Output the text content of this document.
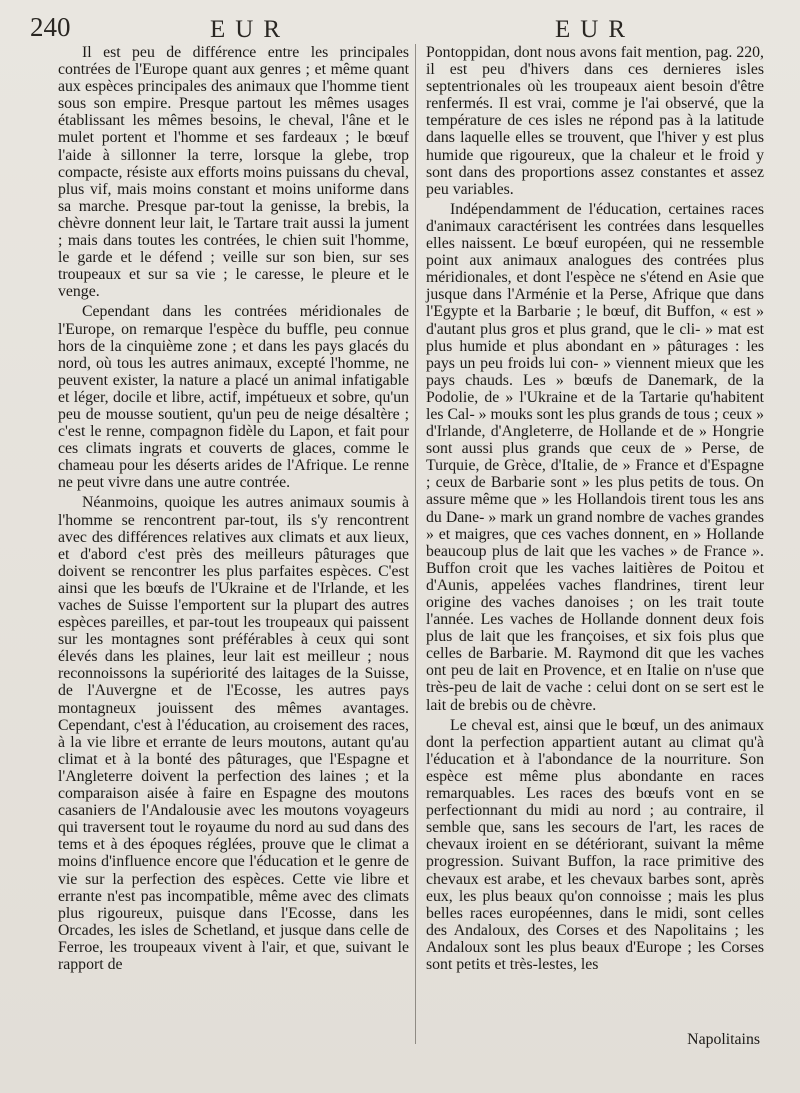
240	EUR	EUR

Il est peu de différence entre les principales contrées de l'Europe quant aux genres ; et même quant aux espèces principales des animaux que l'homme tient sous son empire. Presque partout les mêmes usages établissant les mêmes besoins, le cheval, l'âne et le mulet portent et l'homme et ses fardeaux ; le bœuf l'aide à sillonner la terre, lorsque la glebe, trop compacte, résiste aux efforts moins puissans du cheval, plus vif, mais moins constant et moins uniforme dans sa marche. Presque par-tout la genisse, la brebis, la chèvre donnent leur lait, le Tartare trait aussi la jument ; mais dans toutes les contrées, le chien suit l'homme, le garde et le défend ; veille sur son bien, sur ses troupeaux et sur sa vie ; le caresse, le pleure et le venge.

Cependant dans les contrées méridionales de l'Europe, on remarque l'espèce du buffle, peu connue hors de la cinquième zone ; et dans les pays glacés du nord, où tous les autres animaux, excepté l'homme, ne peuvent exister, la nature a placé un animal infatigable et léger, docile et libre, actif, impétueux et sobre, qu'un peu de mousse soutient, qu'un peu de neige désaltère ; c'est le renne, compagnon fidèle du Lapon, et fait pour ces climats ingrats et couverts de glaces, comme le chameau pour les déserts arides de l'Afrique. Le renne ne peut vivre dans une autre contrée.

Néanmoins, quoique les autres animaux soumis à l'homme se rencontrent par-tout, ils s'y rencontrent avec des différences relatives aux climats et aux lieux, et d'abord c'est près des meilleurs pâturages que doivent se rencontrer les plus parfaites espèces. C'est ainsi que les bœufs de l'Ukraine et de l'Irlande, et les vaches de Suisse l'emportent sur la plupart des autres espèces pareilles, et par-tout les troupeaux qui paissent sur les montagnes sont préférables à ceux qui sont élevés dans les plaines, leur lait est meilleur ; nous reconnoissons la supériorité des laitages de la Suisse, de l'Auvergne et de l'Ecosse, les autres pays montagneux jouissent des mêmes avantages. Cependant, c'est à l'éducation, au croisement des races, à la vie libre et errante de leurs moutons, autant qu'au climat et à la bonté des pâturages, que l'Espagne et l'Angleterre doivent la perfection des laines ; et la comparaison aisée à faire en Espagne des moutons casaniers de l'Andalousie avec les moutons voyageurs qui traversent tout le royaume du nord au sud dans des tems et à des époques réglées, prouve que le climat a moins d'influence encore que l'éducation et le genre de vie sur la perfection des espèces. Cette vie libre et errante n'est pas incompatible, même avec des climats plus rigoureux, puisque dans l'Ecosse, dans les Orcades, les isles de Schetland, et jusque dans celle de Ferroe, les troupeaux vivent à l'air, et que, suivant le rapport de

Pontoppidan, dont nous avons fait mention, pag. 220, il est peu d'hivers dans ces dernieres isles septentrionales où les troupeaux aient besoin d'être renfermés. Il est vrai, comme je l'ai observé, que la température de ces isles ne répond pas à la latitude dans laquelle elles se trouvent, que l'hiver y est plus humide que rigoureux, que la chaleur et le froid y sont dans des proportions assez constantes et assez peu variables.

Indépendamment de l'éducation, certaines races d'animaux caractérisent les contrées dans lesquelles elles naissent. Le bœuf européen, qui ne ressemble point aux animaux analogues des contrées plus méridionales, et dont l'espèce ne s'étend en Asie que jusque dans l'Arménie et la Perse, Afrique que dans l'Egypte et la Barbarie ; le bœuf, dit Buffon, « est » d'autant plus gros et plus grand, que le cli- » mat est plus humide et plus abondant en » pâturages : les pays un peu froids lui con- » viennent mieux que les pays chauds. Les » bœufs de Danemark, de la Podolie, de » l'Ukraine et de la Tartarie qu'habitent les Cal- » mouks sont les plus grands de tous ; ceux » d'Irlande, d'Angleterre, de Hollande et de » Hongrie sont aussi plus grands que ceux de » Perse, de Turquie, de Grèce, d'Italie, de » France et d'Espagne ; ceux de Barbarie sont » les plus petits de tous. On assure même que » les Hollandois tirent tous les ans du Dane- » mark un grand nombre de vaches grandes » et maigres, que ces vaches donnent, en » Hollande beaucoup plus de lait que les vaches » de France ». Buffon croit que les vaches laitières de Poitou et d'Aunis, appelées vaches flandrines, tirent leur origine des vaches danoises ; on les trait toute l'année. Les vaches de Hollande donnent deux fois plus de lait que les françoises, et six fois plus que celles de Barbarie. M. Raymond dit que les vaches ont peu de lait en Provence, et en Italie on n'use que très-peu de lait de vache : celui dont on se sert est le lait de brebis ou de chèvre.

Le cheval est, ainsi que le bœuf, un des animaux dont la perfection appartient autant au climat qu'à l'éducation et à l'abondance de la nourriture. Son espèce est même plus abondante en races remarquables. Les races des bœufs vont en se perfectionnant du midi au nord ; au contraire, il semble que, sans les secours de l'art, les races de chevaux iroient en se détériorant, suivant la même progression. Suivant Buffon, la race primitive des chevaux est arabe, et les chevaux barbes sont, après eux, les plus beaux qu'on connoisse ; mais les plus belles races européennes, dans le midi, sont celles des Andaloux, des Corses et des Napolitains ; les Andaloux sont les plus beaux d'Europe ; les Corses sont petits et très-lestes, les

Napolitains
